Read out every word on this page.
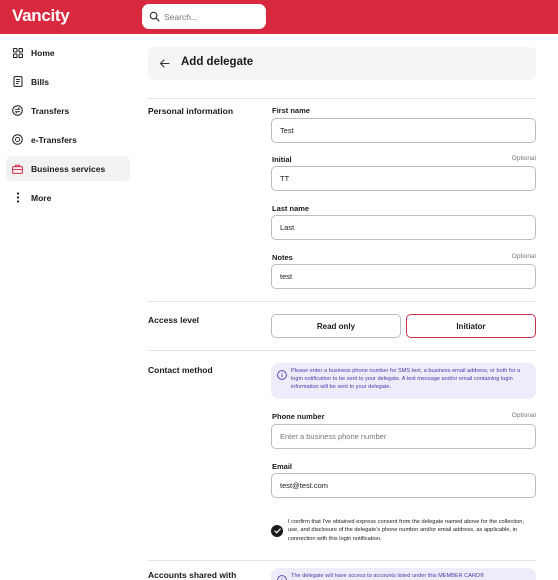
Vancity
Search...
Home
Bills
Transfers
e-Transfers
Business services
More
Add delegate
Personal information	First name
Test
Initial	Optional
TT
Last name
Last
Notes	Optional
test
Access level
Read only	Initiator
Contact method	Please enter a business phone number for SMS text, a business email address, or both for a login notification to be sent to your delegate. A text message and/or email containing login information will be sent to your delegate.
Phone number	Optional
Enter a business phone number
Email
test@test.com
I confirm that I've obtained express consent from the delegate named above for the collection, use, and disclosure of the delegate's phone number and/or email address, as applicable, in connection with this login notification.
Accounts shared with	The delegate will have access to accounts listed under this MEMBER CARD®
